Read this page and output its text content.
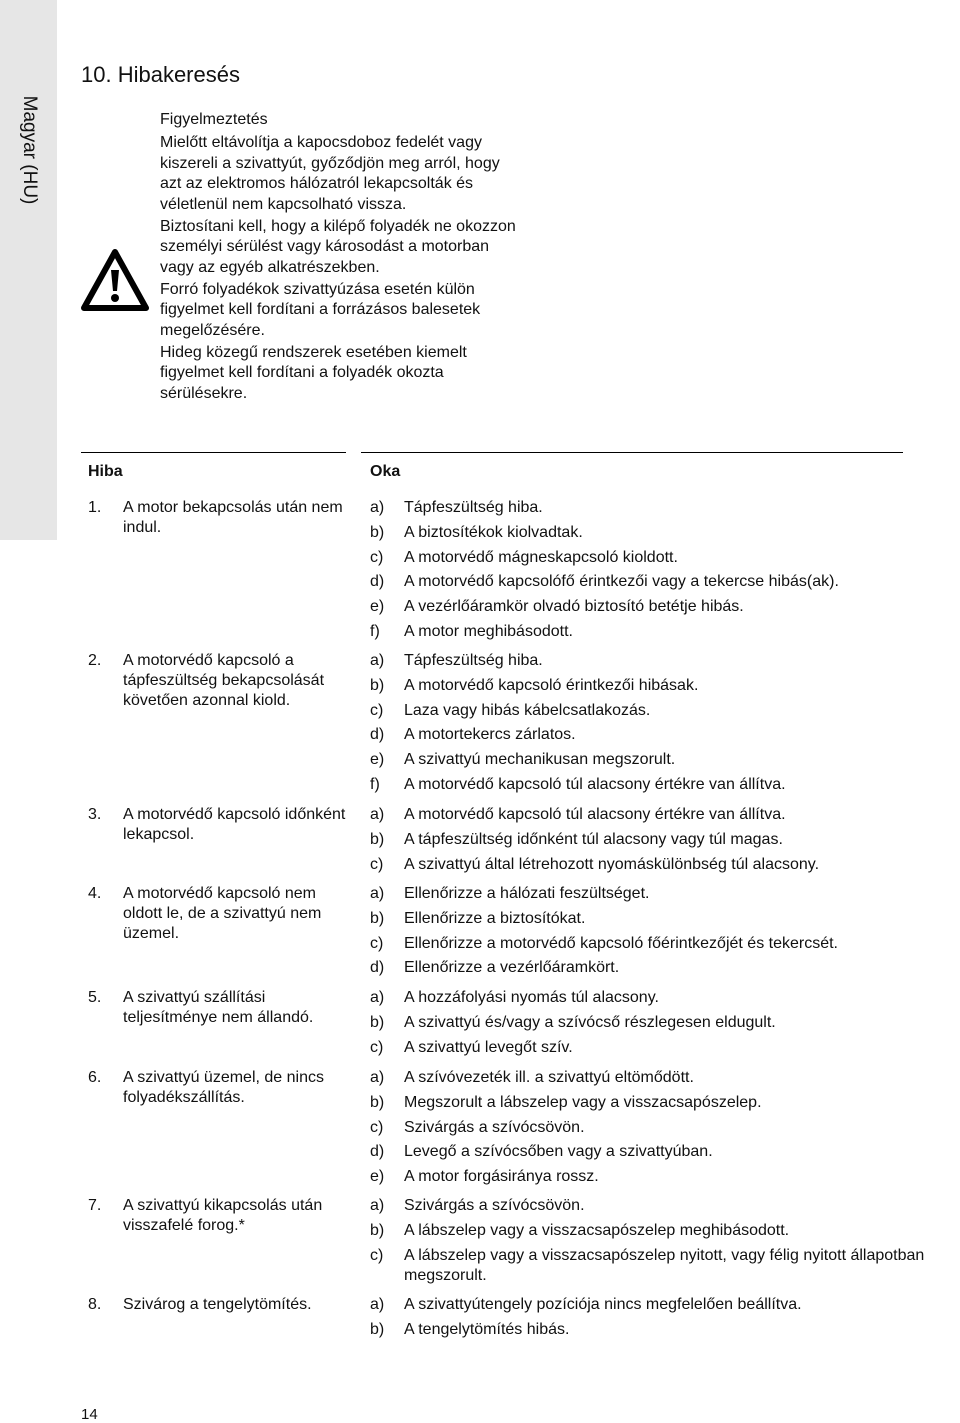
Magyar (HU)
10. Hibakeresés

Figyelmeztetés

Mielőtt eltávolítja a kapocsdoboz fedelét vagy kiszereli a szivattyút, győződjön meg arról, hogy azt az elektromos hálózatról lekapcsolták és véletlenül nem kapcsolható vissza.

Biztosítani kell, hogy a kilépő folyadék ne okozzon személyi sérülést vagy károsodást a motorban vagy az egyéb alkatrészekben.

Forró folyadékok szivattyúzása esetén külön figyelmet kell fordítani a forrázásos balesetek megelőzésére.

Hideg közegű rendszerek esetében kiemelt figyelmet kell fordítani a folyadék okozta sérülésekre.

Hiba	Oka
1. A motor bekapcsolás után nem indul.
a) Tápfeszültség hiba.
b) A biztosítékok kiolvadtak.
c) A motorvédő mágneskapcsoló kioldott.
d) A motorvédő kapcsolófő érintkezői vagy a tekercse hibás(ak).
e) A vezérlőáramkör olvadó biztosító betétje hibás.
f) A motor meghibásodott.
2. A motorvédő kapcsoló a tápfeszültség bekapcsolását követően azonnal kiold.
a) Tápfeszültség hiba.
b) A motorvédő kapcsoló érintkezői hibásak.
c) Laza vagy hibás kábelcsatlakozás.
d) A motortekercs zárlatos.
e) A szivattyú mechanikusan megszorult.
f) A motorvédő kapcsoló túl alacsony értékre van állítva.
3. A motorvédő kapcsoló időnként lekapcsol.
a) A motorvédő kapcsoló túl alacsony értékre van állítva.
b) A tápfeszültség időnként túl alacsony vagy túl magas.
c) A szivattyú által létrehozott nyomáskülönbség túl alacsony.
4. A motorvédő kapcsoló nem oldott le, de a szivattyú nem üzemel.
a) Ellenőrizze a hálózati feszültséget.
b) Ellenőrizze a biztosítókat.
c) Ellenőrizze a motorvédő kapcsoló főérintkezőjét és tekercsét.
d) Ellenőrizze a vezérlőáramkört.
5. A szivattyú szállítási teljesítménye nem állandó.
a) A hozzáfolyási nyomás túl alacsony.
b) A szivattyú és/vagy a szívócső részlegesen eldugult.
c) A szivattyú levegőt szív.
6. A szivattyú üzemel, de nincs folyadékszállítás.
a) A szívóvezeték ill. a szivattyú eltömődött.
b) Megszorult a lábszelep vagy a visszacsapószelep.
c) Szivárgás a szívócsövön.
d) Levegő a szívócsőben vagy a szivattyúban.
e) A motor forgásiránya rossz.
7. A szivattyú kikapcsolás után visszafelé forog.*
a) Szivárgás a szívócsövön.
b) A lábszelep vagy a visszacsapószelep meghibásodott.
c) A lábszelep vagy a visszacsapószelep nyitott, vagy félig nyitott állapotban megszorult.
8. Szivárog a tengelytömítés.	a) A szivattyútengely pozíciója nincs megfelelően beállítva.
b) A tengelytömítés hibás.
14
